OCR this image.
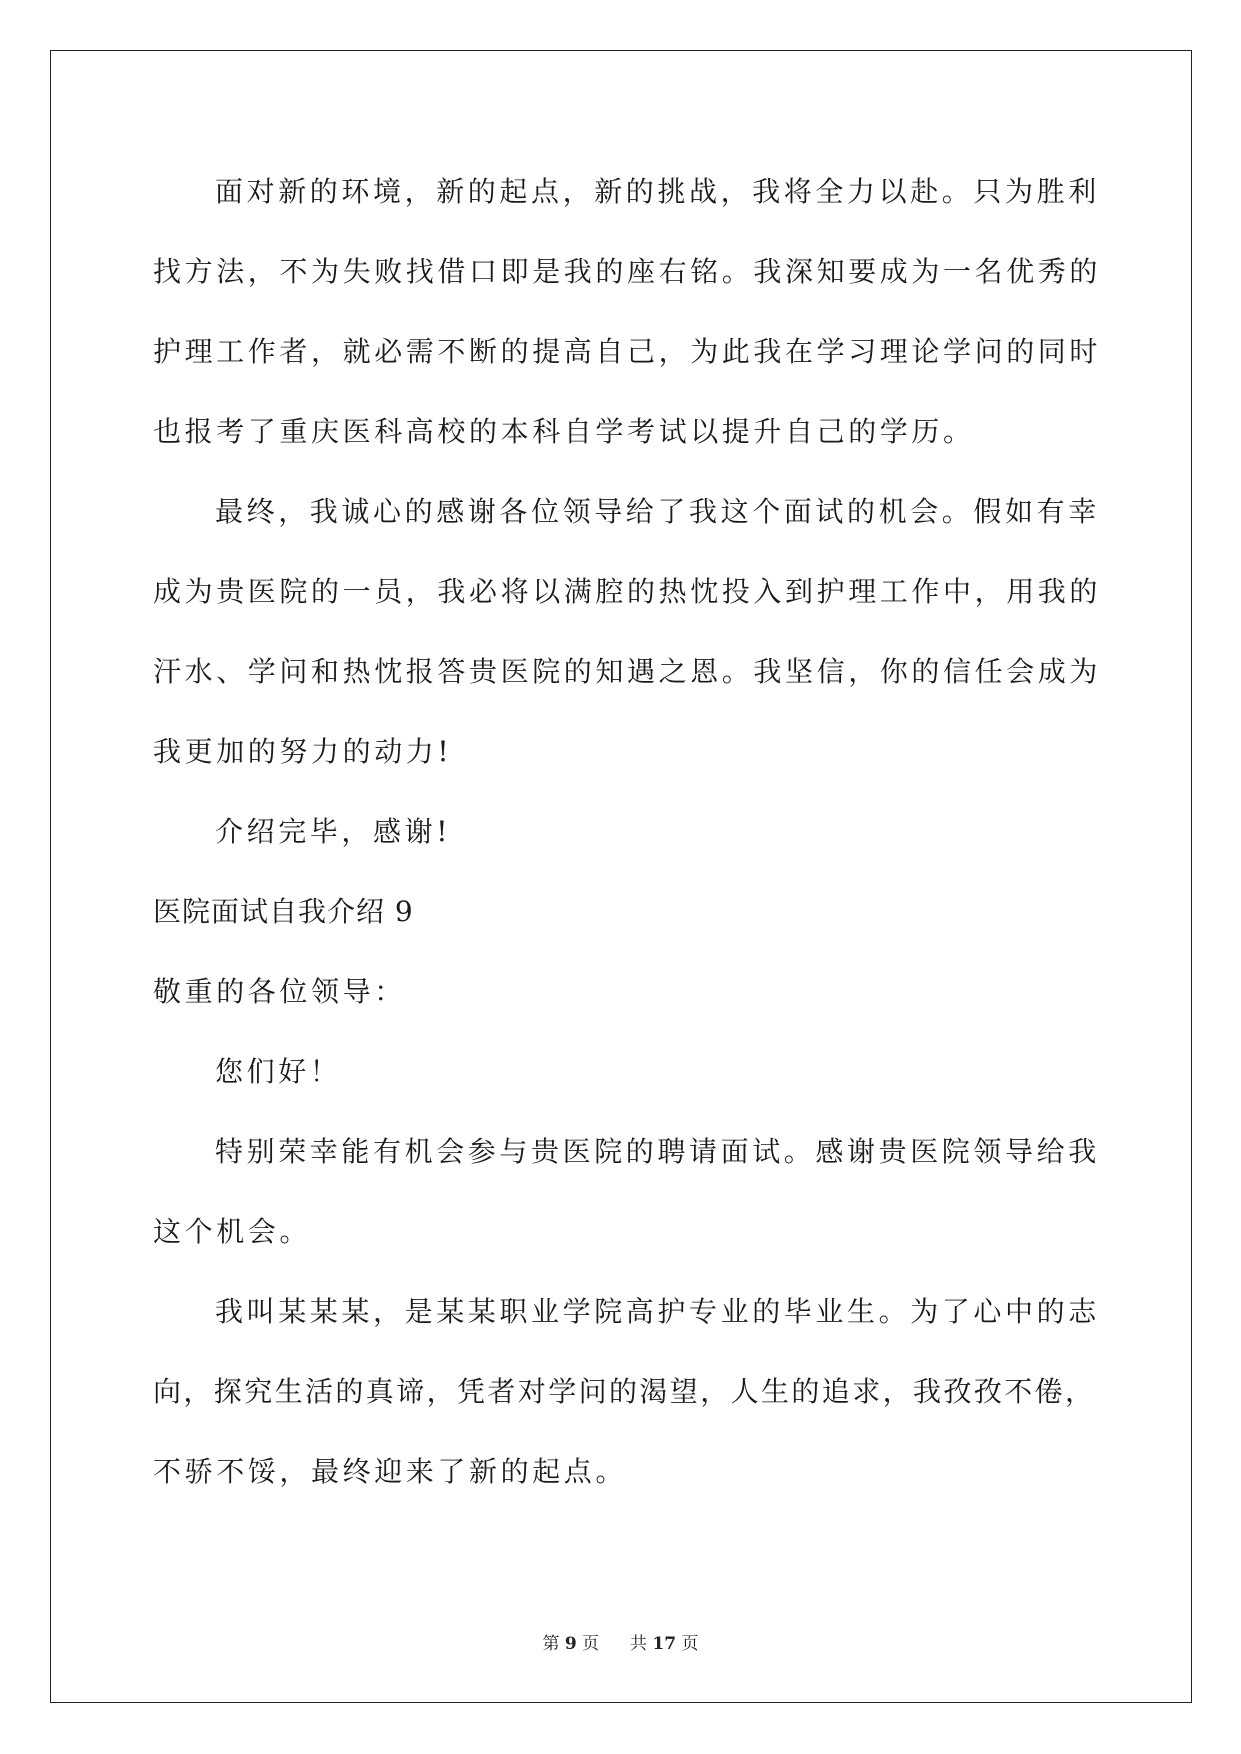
面对新的环境，新的起点，新的挑战，我将全力以赴。只为胜利
找方法，不为失败找借口即是我的座右铭。我深知要成为一名优秀的
护理工作者，就必需不断的提高自己，为此我在学习理论学问的同时
也报考了重庆医科高校的本科自学考试以提升自己的学历。
最终，我诚心的感谢各位领导给了我这个面试的机会。假如有幸
成为贵医院的一员，我必将以满腔的热忱投入到护理工作中，用我的
汗水、学问和热忱报答贵医院的知遇之恩。我坚信，你的信任会成为
我更加的努力的动力!
介绍完毕，感谢!
医院面试自我介绍 9
敬重的各位领导：
您们好！
特别荣幸能有机会参与贵医院的聘请面试。感谢贵医院领导给我
这个机会。
我叫某某某，是某某职业学院高护专业的毕业生。为了心中的志
向，探究生活的真谛，凭者对学问的渴望，人生的追求，我孜孜不倦，
不骄不馁，最终迎来了新的起点。
第 9 页 共 17 页
